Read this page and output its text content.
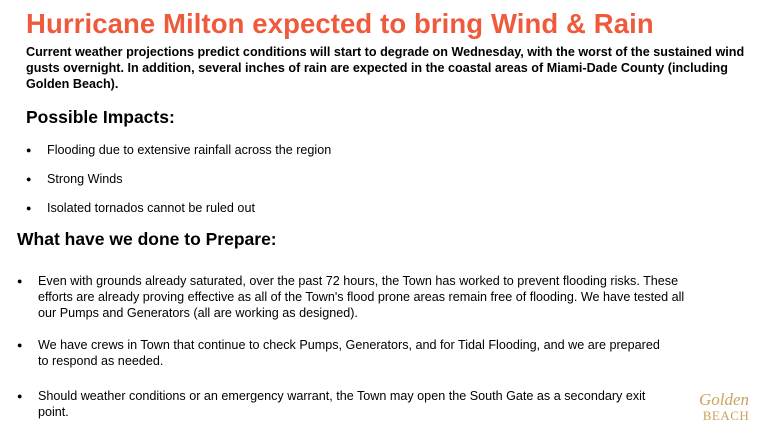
Hurricane Milton expected to bring Wind & Rain
Current weather projections predict conditions will start to degrade on Wednesday, with the worst of the sustained wind gusts overnight. In addition, several inches of rain are expected in the coastal areas of Miami-Dade County (including Golden Beach).
Possible Impacts:
● Flooding due to extensive rainfall across the region
● Strong Winds
● Isolated tornados cannot be ruled out
What have we done to Prepare:
● Even with grounds already saturated, over the past 72 hours, the Town has worked to prevent flooding risks. These efforts are already proving effective as all of the Town's flood prone areas remain free of flooding. We have tested all our Pumps and Generators (all are working as designed).
● We have crews in Town that continue to check Pumps, Generators, and for Tidal Flooding, and we are prepared to respond as needed.
● Should weather conditions or an emergency warrant, the Town may open the South Gate as a secondary exit point.
Golden
BEACH
